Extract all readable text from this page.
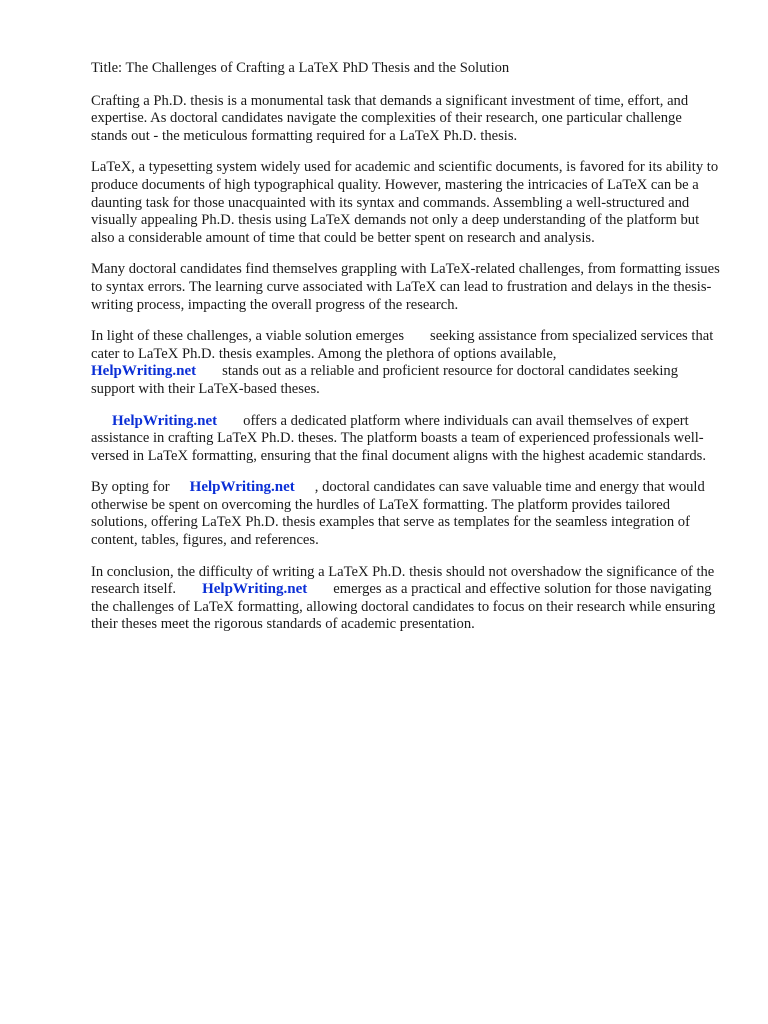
Title: The Challenges of Crafting a LaTeX PhD Thesis and the Solution

Crafting a Ph.D. thesis is a monumental task that demands a significant investment of time, effort, and expertise. As doctoral candidates navigate the complexities of their research, one particular challenge stands out - the meticulous formatting required for a LaTeX Ph.D. thesis.

LaTeX, a typesetting system widely used for academic and scientific documents, is favored for its ability to produce documents of high typographical quality. However, mastering the intricacies of LaTeX can be a daunting task for those unacquainted with its syntax and commands. Assembling a well-structured and visually appealing Ph.D. thesis using LaTeX demands not only a deep understanding of the platform but also a considerable amount of time that could be better spent on research and analysis.

Many doctoral candidates find themselves grappling with LaTeX-related challenges, from formatting issues to syntax errors. The learning curve associated with LaTeX can lead to frustration and delays in the thesis-writing process, impacting the overall progress of the research.

In light of these challenges, a viable solution emerges seeking assistance from specialized services that cater to LaTeX Ph.D. thesis examples. Among the plethora of options available,
HelpWriting.net stands out as a reliable and proficient resource for doctoral candidates seeking support with their LaTeX-based theses.

HelpWriting.net offers a dedicated platform where individuals can avail themselves of expert assistance in crafting LaTeX Ph.D. theses. The platform boasts a team of experienced professionals well-versed in LaTeX formatting, ensuring that the final document aligns with the highest academic standards.

By opting for HelpWriting.net , doctoral candidates can save valuable time and energy that would otherwise be spent on overcoming the hurdles of LaTeX formatting. The platform provides tailored solutions, offering LaTeX Ph.D. thesis examples that serve as templates for the seamless integration of content, tables, figures, and references.

In conclusion, the difficulty of writing a LaTeX Ph.D. thesis should not overshadow the significance of the research itself. HelpWriting.net emerges as a practical and effective solution for those navigating the challenges of LaTeX formatting, allowing doctoral candidates to focus on their research while ensuring their theses meet the rigorous standards of academic presentation.
